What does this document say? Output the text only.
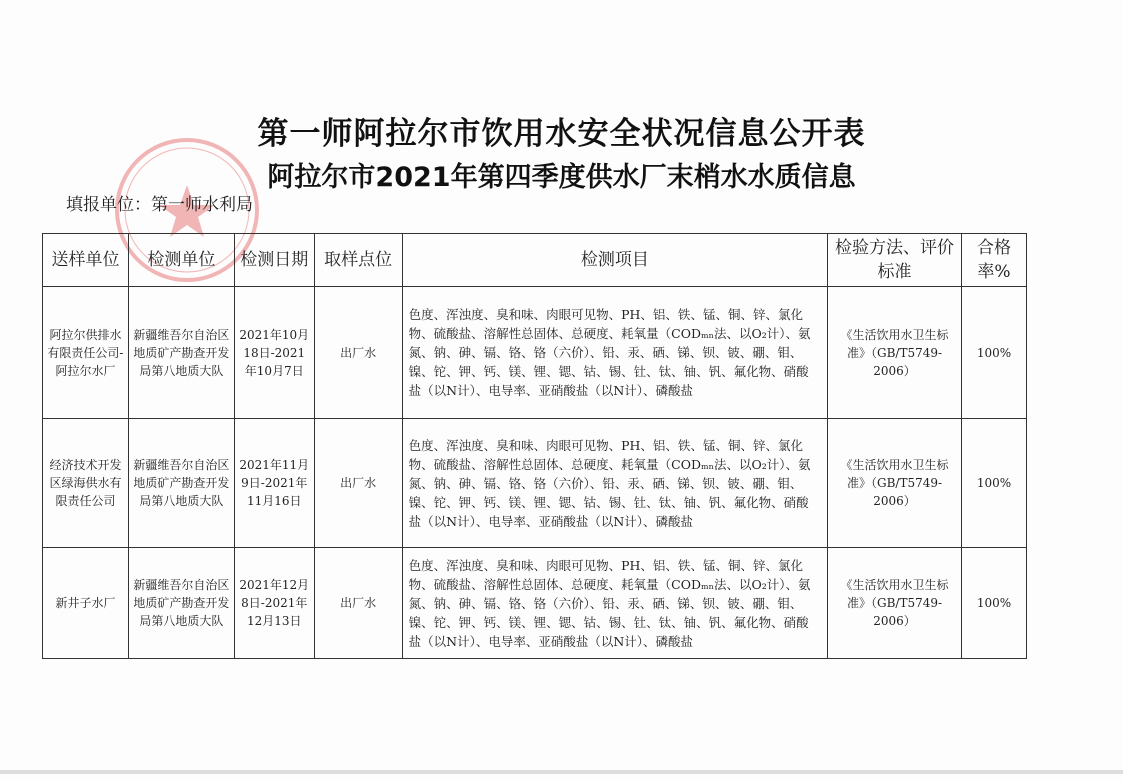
第一师阿拉尔市饮用水安全状况信息公开表
阿拉尔市2021年第四季度供水厂末梢水水质信息
填报单位：第一师水利局
送样单位	检测单位	检测日期	取样点位	检测项目	检验方法、评价标准	合格率%
阿拉尔供排水有限责任公司-阿拉尔水厂	新疆维吾尔自治区地质矿产勘查开发局第八地质大队	2021年10月18日-2021年10月7日	出厂水	色度、浑浊度、臭和味、肉眼可见物、PH、铝、铁、锰、铜、锌、氯化物、硫酸盐、溶解性总固体、总硬度、耗氧量（CODₘₙ法、以O₂计）、氨氮、钠、砷、镉、铬、铬（六价）、铅、汞、硒、锑、钡、铍、硼、钼、镍、铊、钾、钙、镁、锂、锶、钴、锡、钍、钛、铀、钒、氟化物、硝酸盐（以N计）、电导率、亚硝酸盐（以N计）、磷酸盐	《生活饮用水卫生标准》（GB/T5749-2006）	100%
经济技术开发区绿海供水有限责任公司	新疆维吾尔自治区地质矿产勘查开发局第八地质大队	2021年11月9日-2021年11月16日	出厂水	色度、浑浊度、臭和味、肉眼可见物、PH、铝、铁、锰、铜、锌、氯化物、硫酸盐、溶解性总固体、总硬度、耗氧量（CODₘₙ法、以O₂计）、氨氮、钠、砷、镉、铬、铬（六价）、铅、汞、硒、锑、钡、铍、硼、钼、镍、铊、钾、钙、镁、锂、锶、钴、锡、钍、钛、铀、钒、氟化物、硝酸盐（以N计）、电导率、亚硝酸盐（以N计）、磷酸盐	《生活饮用水卫生标准》（GB/T5749-2006）	100%
新井子水厂	新疆维吾尔自治区地质矿产勘查开发局第八地质大队	2021年12月8日-2021年12月13日	出厂水	色度、浑浊度、臭和味、肉眼可见物、PH、铝、铁、锰、铜、锌、氯化物、硫酸盐、溶解性总固体、总硬度、耗氧量（CODₘₙ法、以O₂计）、氨氮、钠、砷、镉、铬、铬（六价）、铅、汞、硒、锑、钡、铍、硼、钼、镍、铊、钾、钙、镁、锂、锶、钴、锡、钍、钛、铀、钒、氟化物、硝酸盐（以N计）、电导率、亚硝酸盐（以N计）、磷酸盐	《生活饮用水卫生标准》（GB/T5749-2006）	100%
